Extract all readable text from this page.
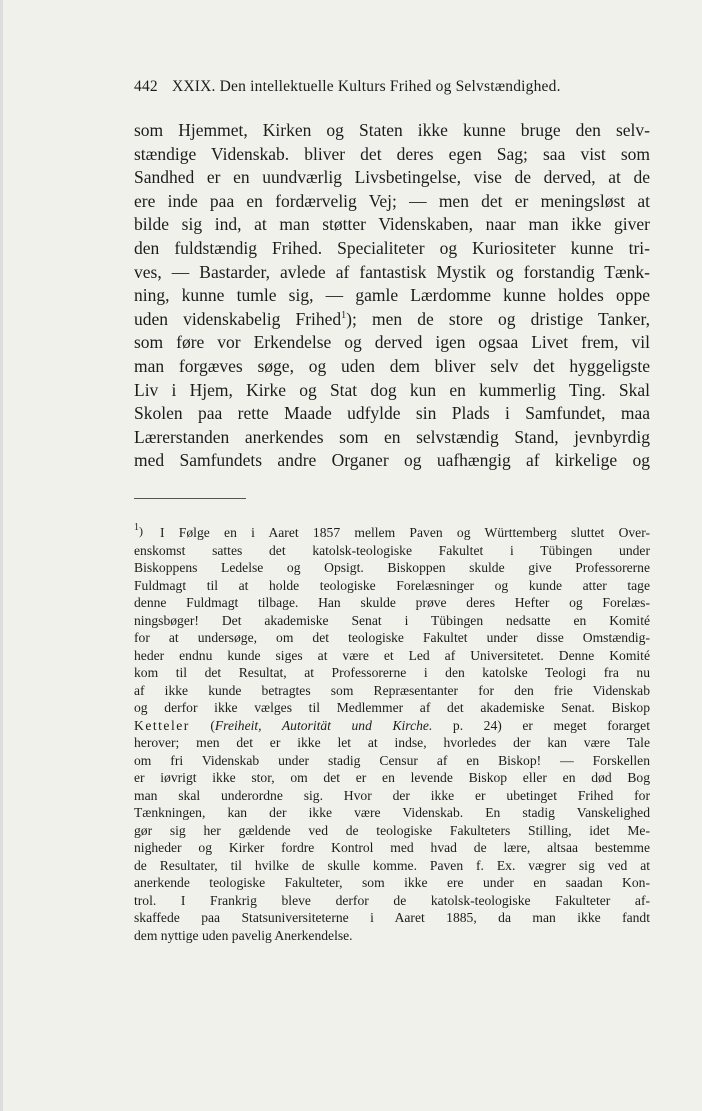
442 XXIX. Den intellektuelle Kulturs Frihed og Selvstændighed.
som Hjemmet, Kirken og Staten ikke kunne bruge den selv-
stændige Videnskab. bliver det deres egen Sag; saa vist som
Sandhed er en uundværlig Livsbetingelse, vise de derved, at de
ere inde paa en fordærvelig Vej; — men det er meningsløst at
bilde sig ind, at man støtter Videnskaben, naar man ikke giver
den fuldstændig Frihed. Specialiteter og Kuriositeter kunne tri-
ves, — Bastarder, avlede af fantastisk Mystik og forstandig Tænk-
ning, kunne tumle sig, — gamle Lærdomme kunne holdes oppe
uden videnskabelig Frihed$^1$); men de store og dristige Tanker,
som føre vor Erkendelse og derved igen ogsaa Livet frem, vil
man forgæves søge, og uden dem bliver selv det hyggeligste
Liv i Hjem, Kirke og Stat dog kun en kummerlig Ting. Skal
Skolen paa rette Maade udfylde sin Plads i Samfundet, maa
Lærerstanden anerkendes som en selvstændig Stand, jevnbyrdig
med Samfundets andre Organer og uafhængig af kirkelige og
$^1$) I Følge en i Aaret 1857 mellem Paven og Württemberg sluttet Over-
enskomst sattes det katolsk-teologiske Fakultet i Tübingen under
Biskoppens Ledelse og Opsigt. Biskoppen skulde give Professorerne
Fuldmagt til at holde teologiske Forelæsninger og kunde atter tage
denne Fuldmagt tilbage. Han skulde prøve deres Hefter og Forelæs-
ningsbøger! Det akademiske Senat i Tübingen nedsatte en Komité
for at undersøge, om det teologiske Fakultet under disse Omstændig-
heder endnu kunde siges at være et Led af Universitetet. Denne Komité
kom til det Resultat, at Professorerne i den katolske Teologi fra nu
af ikke kunde betragtes som Repræsentanter for den frie Videnskab
og derfor ikke vælges til Medlemmer af det akademiske Senat. Biskop
Ketteler (Freiheit, Autorität und Kirche. p. 24) er meget forarget
herover; men det er ikke let at indse, hvorledes der kan være Tale
om fri Videnskab under stadig Censur af en Biskop! — Forskellen
er iøvrigt ikke stor, om det er en levende Biskop eller en død Bog
man skal underordne sig. Hvor der ikke er ubetinget Frihed for
Tænkningen, kan der ikke være Videnskab. En stadig Vanskelighed
gør sig her gældende ved de teologiske Fakulteters Stilling, idet Me-
nigheder og Kirker fordre Kontrol med hvad de lære, altsaa bestemme
de Resultater, til hvilke de skulle komme. Paven f. Ex. vægrer sig ved at
anerkende teologiske Fakulteter, som ikke ere under en saadan Kon-
trol. I Frankrig bleve derfor de katolsk-teologiske Fakulteter af-
skaffede paa Statsuniversiteterne i Aaret 1885, da man ikke fandt
dem nyttige uden pavelig Anerkendelse.
